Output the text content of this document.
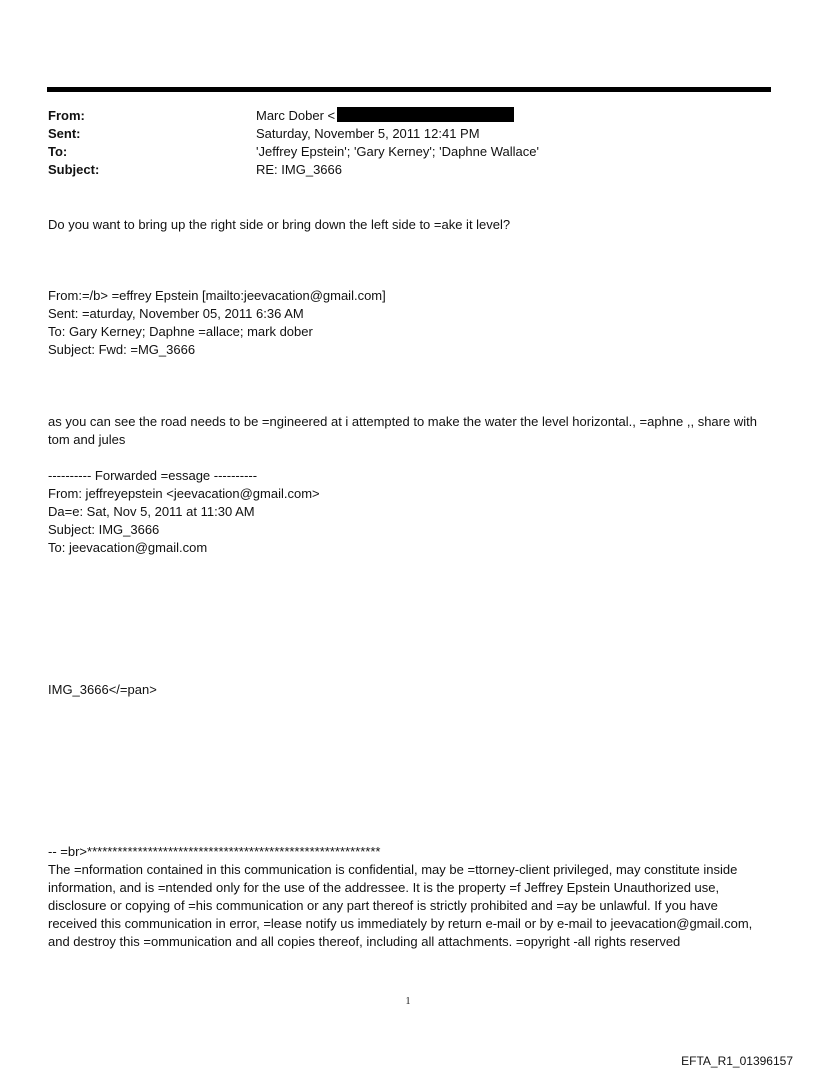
From:	Marc Dober <
Sent:	Saturday, November 5, 2011 12:41 PM
To:	'Jeffrey Epstein'; 'Gary Kerney'; 'Daphne Wallace'
Subject:	RE: IMG_3666
Do you want to bring up the right side or bring down the left side to =ake it level?
From:=/b> =effrey Epstein [mailto:jeevacation@gmail.com]
Sent: =aturday, November 05, 2011 6:36 AM
To: Gary Kerney; Daphne =allace; mark dober
Subject: Fwd: =MG_3666
as you can see the road needs to be =ngineered at i attempted to make the water the level horizontal., =aphne ,, share with tom and jules
---------- Forwarded =essage ----------
From: jeffreyepstein <jeevacation@gmail.com>
Da=e: Sat, Nov 5, 2011 at 11:30 AM
Subject: IMG_3666
To: jeevacation@gmail.com
IMG_3666</=pan>
-- =br>**********************************************************
The =nformation contained in this communication is confidential, may be =ttorney-client privileged, may constitute inside information, and is =ntended only for the use of the addressee. It is the property =f Jeffrey Epstein Unauthorized use, disclosure or copying of =his communication or any part thereof is strictly prohibited and =ay be unlawful. If you have received this communication in error, =lease notify us immediately by return e-mail or by e-mail to jeevacation@gmail.com, and destroy this =ommunication and all copies thereof, including all attachments. =opyright -all rights reserved
1
EFTA_R1_01396157
